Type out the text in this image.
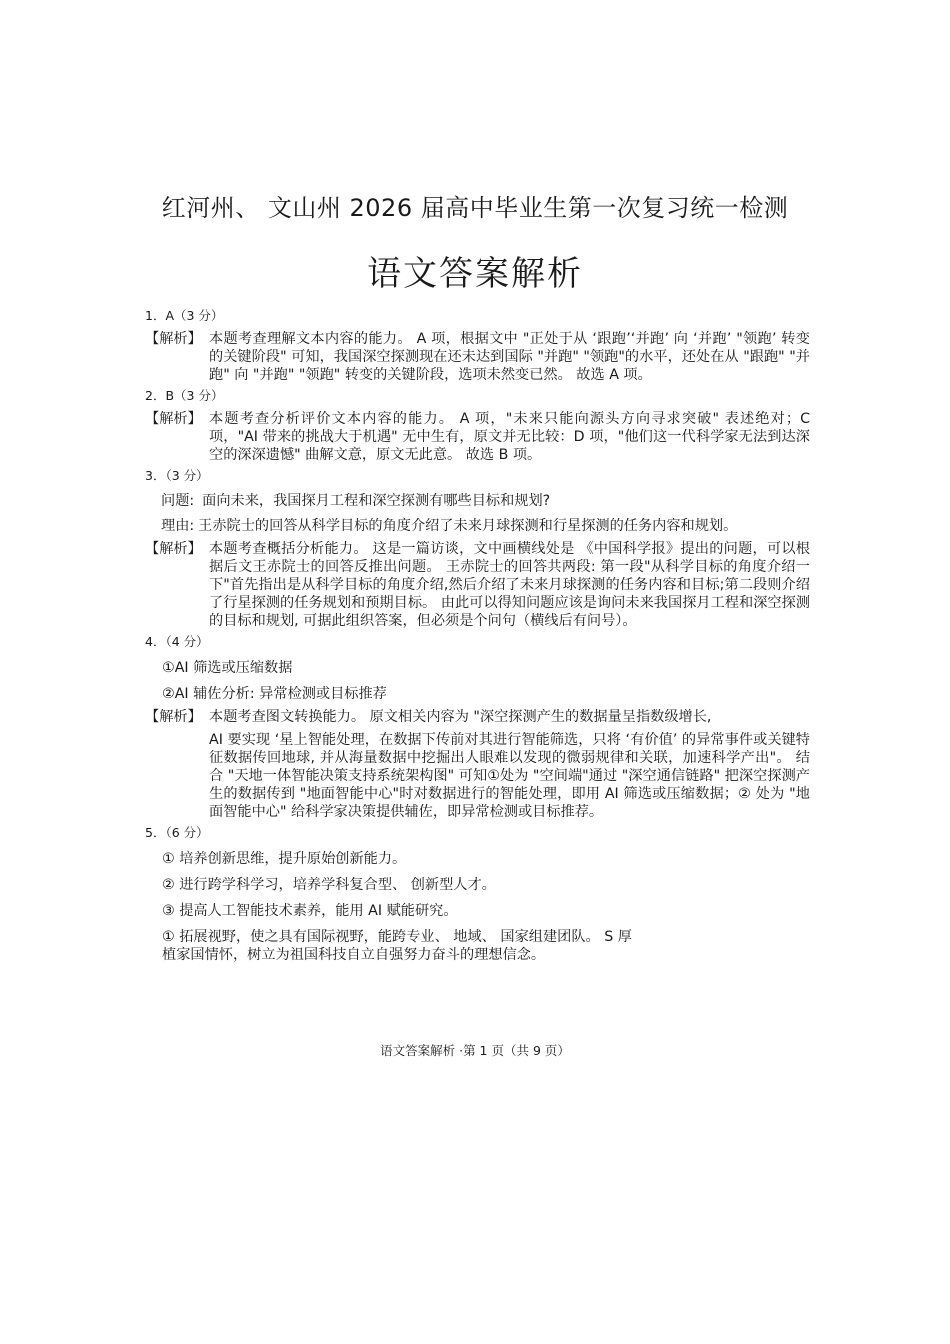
红河州、 文山州 2026 届高中毕业生第一次复习统一检测
语文答案解析
1．A（3 分）
【解析】 本题考查理解文本内容的能力。 A 项，根据文中 "正处于从 ‘跟跑’‘并跑’ 向 ‘并跑’ "领跑’ 转变的关键阶段" 可知，我国深空探测现在还未达到国际 "并跑" "领跑"的水平，还处在从 "跟跑" "并跑" 向 "并跑" "领跑" 转变的关键阶段，选项未然变已然。 故选 A 项。
2．B（3 分）
【解析】 本题考查分析评价文本内容的能力。 A 项，"未来只能向源头方向寻求突破" 表述绝对；C 项，"AI 带来的挑战大于机遇" 无中生有，原文并无比较：D 项，"他们这一代科学家无法到达深空的深深遗憾" 曲解文意，原文无此意。 故选 B 项。
3．（3 分）
问题: 面向未来，我国探月工程和深空探测有哪些目标和规划?
理由: 王赤院士的回答从科学目标的角度介绍了未来月球探测和行星探测的任务内容和规划。
【解析】 本题考查概括分析能力。 这是一篇访谈，文中画横线处是 《中国科学报》提出的问题，可以根据后文王赤院士的回答反推出问题。 王赤院士的回答共两段: 第一段"从科学目标的角度介绍一下"首先指出是从科学目标的角度介绍,然后介绍了未来月球探测的任务内容和目标;第二段则介绍了行星探测的任务规划和预期目标。 由此可以得知问题应该是询问未来我国探月工程和深空探测的目标和规划, 可据此组织答案，但必须是个问句（横线后有问号）。
4．（4 分）
①AI 筛选或压缩数据
②AI 辅佐分析: 异常检测或目标推荐
【解析】 本题考查图文转换能力。 原文相关内容为 "深空探测产生的数据量呈指数级增长,
AI 要实现 ‘星上智能处理，在数据下传前对其进行智能筛选，只将 ‘有价值’ 的异常事件或关键特征数据传回地球, 并从海量数据中挖掘出人眼难以发现的微弱规律和关联，加速科学产出"。 结合 "天地一体智能决策支持系统架构图" 可知①处为 "空间端"通过 "深空通信链路" 把深空探测产生的数据传到 "地面智能中心"时对数据进行的智能处理，即用 AI 筛选或压缩数据；② 处为 "地面智能中心" 给科学家决策提供辅佐，即异常检测或目标推荐。
5．（6 分）
① 培养创新思维，提升原始创新能力。
② 进行跨学科学习，培养学科复合型、 创新型人才。
③ 提高人工智能技术素养，能用 AI 赋能研究。
① 拓展视野，使之具有国际视野，能跨专业、 地域、 国家组建团队。 S 厚植家国情怀，树立为祖国科技自立自强努力奋斗的理想信念。
语文答案解析 ·第 1 页（共 9 页）
